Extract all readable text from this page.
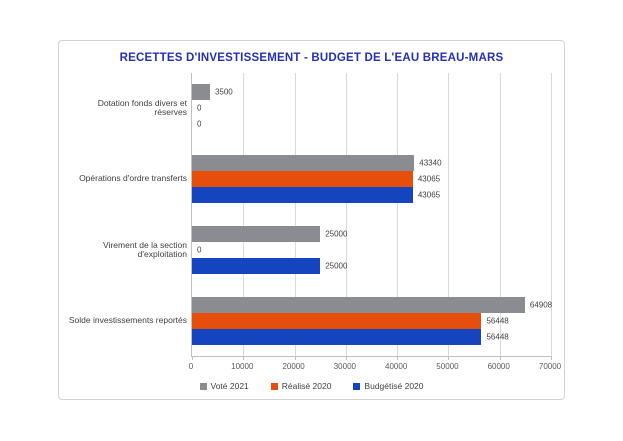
RECETTES D'INVESTISSEMENT - BUDGET DE L'EAU BREAU-MARS
Dotation fonds divers et réserves
Opérations d'ordre transferts
Virement de la section d'exploitation
Solde investissements reportés
3500
0
0
43340
43065
43065
25000
0
25000
64908
56448
56448
0	10000	20000	30000	40000	50000	60000	70000
Voté 2021	Réalisé 2020	Budgétisé 2020
